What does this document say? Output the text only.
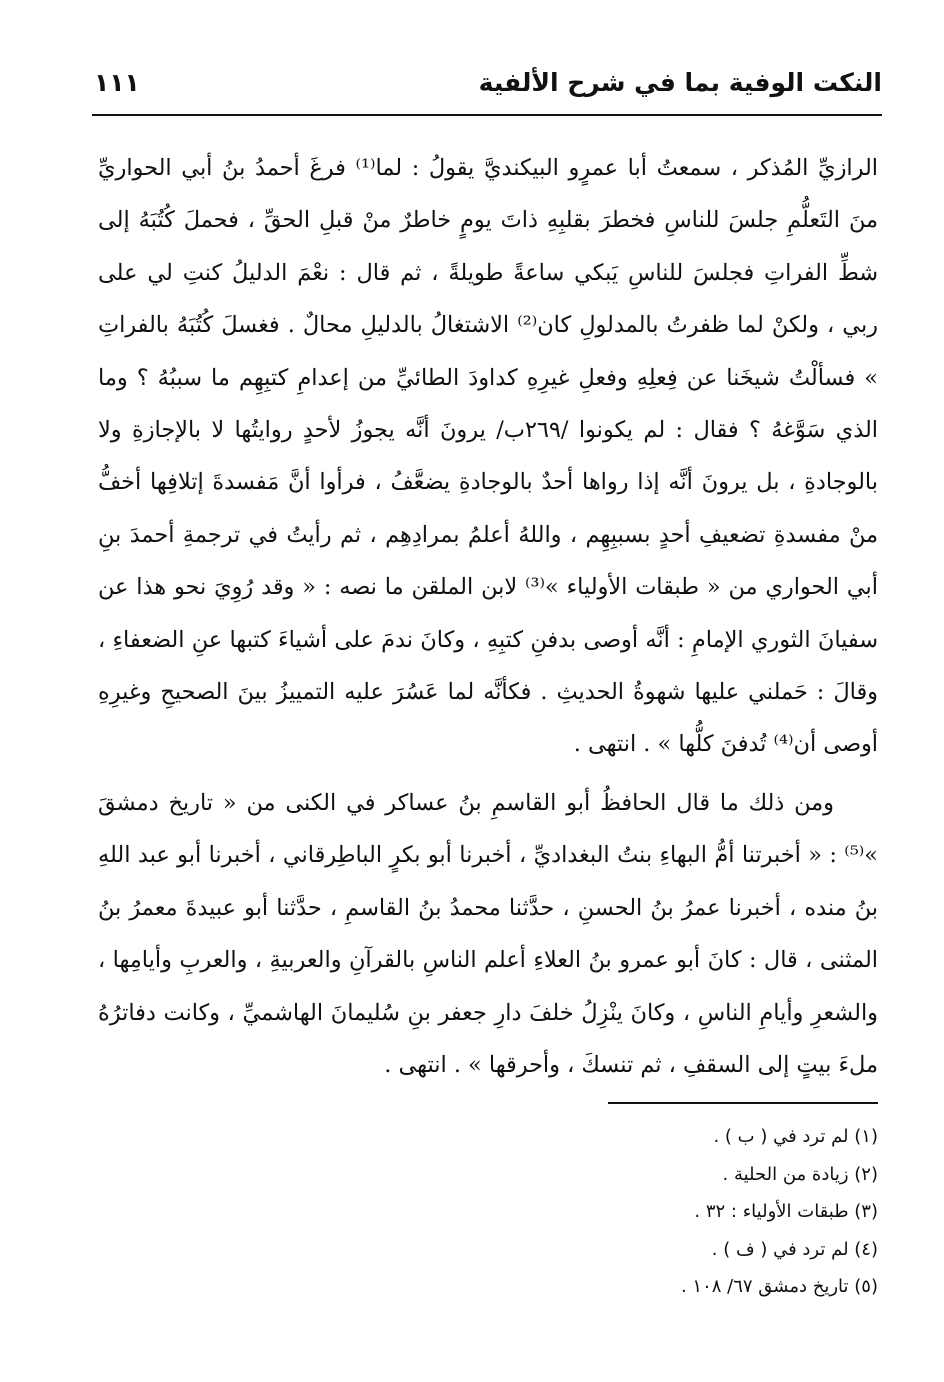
النكت الوفية بما في شرح الألفية
١١١

الرازيِّ المُذكر ، سمعتُ أبا عمرٍو البيكنديَّ يقولُ : لما⁽¹⁾ فرغَ أحمدُ بنُ أبي الحواريِّ منَ التَعلُّمِ جلسَ للناسِ فخطرَ بقلبِهِ ذاتَ يومٍ خاطرٌ منْ قبلِ الحقِّ ، فحملَ كُتُبَهُ إلى شطِّ الفراتِ فجلسَ للناسِ يَبكي ساعةً طويلةً ، ثم قال : نعْمَ الدليلُ كنتِ لي على ربي ، ولكنْ لما ظفرتُ بالمدلولِ كان⁽²⁾ الاشتغالُ بالدليلِ محالٌ . فغسلَ كُتُبَهُ بالفراتِ » فسألْتُ شيخَنا عن فِعلِهِ وفعلِ غيرِهِ كداودَ الطائيِّ من إعدامِ كتبِهِم ما سببُهُ ؟ وما الذي سَوَّغهُ ؟ فقال : لم يكونوا /٢٦٩ب/ يرونَ أنَّه يجوزُ لأحدٍ روايتُها لا بالإجازةِ ولا بالوجادةِ ، بل يرونَ أنَّه إذا رواها أحدٌ بالوجادةِ يضعَّفُ ، فرأوا أنَّ مَفسدةَ إتلافِها أخفُّ منْ مفسدةِ تضعيفِ أحدٍ بسببِهِم ، واللهُ أعلمُ بمرادِهِم ، ثم رأيتُ في ترجمةِ أحمدَ بنِ أبي الحواري من « طبقات الأولياء »⁽³⁾ لابن الملقن ما نصه : « وقد رُوِيَ نحو هذا عن سفيانَ الثوري الإمامِ : أنَّه أوصى بدفنِ كتبِهِ ، وكانَ ندمَ على أشياءَ كتبها عنِ الضعفاءِ ، وقالَ : حَملني عليها شهوةُ الحديثِ . فكأنَّه لما عَسُرَ عليه التمييزُ بينَ الصحيحِ وغيرِهِ أوصى أن⁽⁴⁾ تُدفنَ كلُّها » . انتهى .

ومن ذلك ما قال الحافظُ أبو القاسمِ بنُ عساكر في الكنى من « تاريخ دمشقَ »⁽⁵⁾ : « أخبرتنا أمُّ البهاءِ بنتُ البغداديِّ ، أخبرنا أبو بكرٍ الباطِرقاني ، أخبرنا أبو عبد اللهِ بنُ منده ، أخبرنا عمرُ بنُ الحسنِ ، حدَّثنا محمدُ بنُ القاسمِ ، حدَّثنا أبو عبيدةَ معمرُ بنُ المثنى ، قال : كانَ أبو عمرو بنُ العلاءِ أعلم الناسِ بالقرآنِ والعربيةِ ، والعربِ وأيامِها ، والشعرِ وأيامِ الناسِ ، وكانَ ينْزِلُ خلفَ دارِ جعفر بنِ سُليمانَ الهاشميِّ ، وكانت دفاترُهُ ملءَ بيتٍ إلى السقفِ ، ثم تنسكَ ، وأحرقها » . انتهى .

(١) لم ترد في ( ب ) .
(٢) زيادة من الحلية .
(٣) طبقات الأولياء : ٣٢ .
(٤) لم ترد في ( ف ) .
(٥) تاريخ دمشق ٦٧/ ١٠٨ .
